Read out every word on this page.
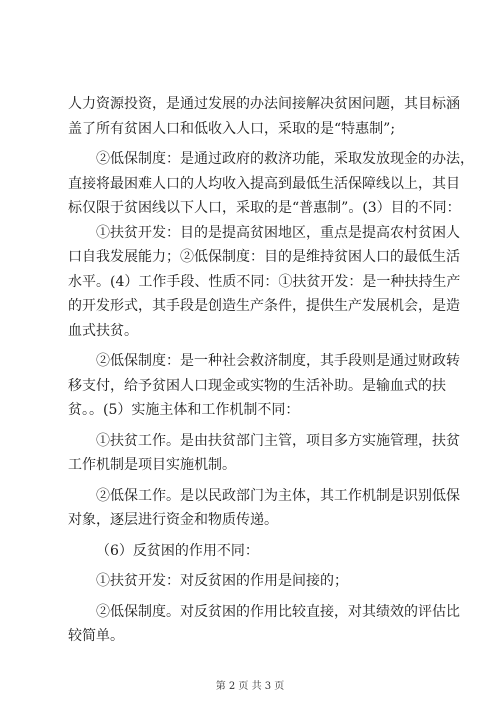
人力资源投资，是通过发展的办法间接解决贫困问题，其目标涵
盖了所有贫困人口和低收入人口，采取的是“特惠制”;

②低保制度：是通过政府的救济功能，采取发放现金的办法，
直接将最困难人口的人均收入提高到最低生活保障线以上，其目
标仅限于贫困线以下人口，采取的是“普惠制”。(3）目的不同：
①扶贫开发：目的是提高贫困地区，重点是提高农村贫困人
口自我发展能力；②低保制度：目的是维持贫困人口的最低生活
水平。(4）工作手段、性质不同：①扶贫开发：是一种扶持生产
的开发形式，其手段是创造生产条件，提供生产发展机会，是造
血式扶贫。

②低保制度：是一种社会救济制度，其手段则是通过财政转
移支付，给予贫困人口现金或实物的生活补助。是输血式的扶
贫。。(5）实施主体和工作机制不同：

①扶贫工作。是由扶贫部门主管，项目多方实施管理，扶贫
工作机制是项目实施机制。

②低保工作。是以民政部门为主体，其工作机制是识别低保
对象，逐层进行资金和物质传递。

（6）反贫困的作用不同：

①扶贫开发：对反贫困的作用是间接的；

②低保制度。对反贫困的作用比较直接，对其绩效的评估比
较简单。

第 2 页 共 3 页
